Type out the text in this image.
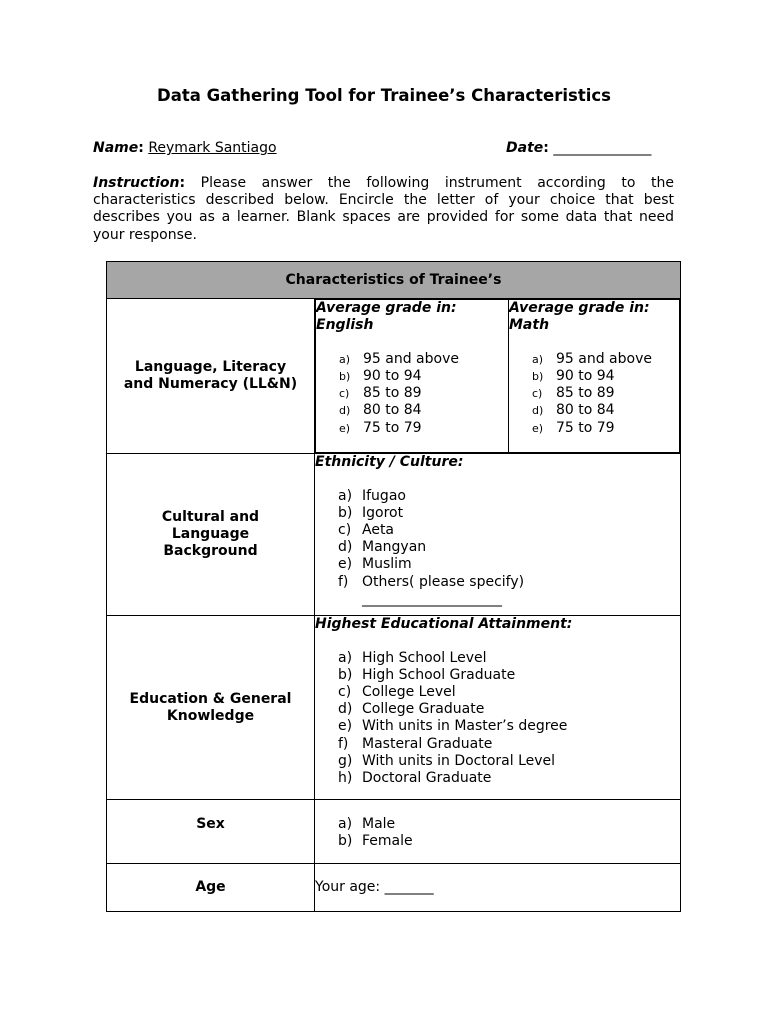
Data Gathering Tool for Trainee’s Characteristics
Name: Reymark Santiago	Date: ______________
Instruction: Please answer the following instrument according to the characteristics described below. Encircle the letter of your choice that best describes you as a learner. Blank spaces are provided for some data that need your response.
Characteristics of Trainee’s
Language, Literacy and Numeracy (LL&N)	
Average grade in: English
a) 95 and above
b) 90 to 94
c) 85 to 89
d) 80 to 84
e) 75 to 79

Average grade in: Math
a) 95 and above
b) 90 to 94
c) 85 to 89
d) 80 to 84
e) 75 to 79

Cultural and Language Background	
Ethnicity / Culture:
a) Ifugao
b) Igorot
c) Aeta
d) Mangyan
e) Muslim
f) Others( please specify)
____________________

Education & General Knowledge	
Highest Educational Attainment:
a) High School Level
b) High School Graduate
c) College Level
d) College Graduate
e) With units in Master’s degree
f) Masteral Graduate
g) With units in Doctoral Level
h) Doctoral Graduate

Sex	a) Male
b) Female

Age	Your age: _______
